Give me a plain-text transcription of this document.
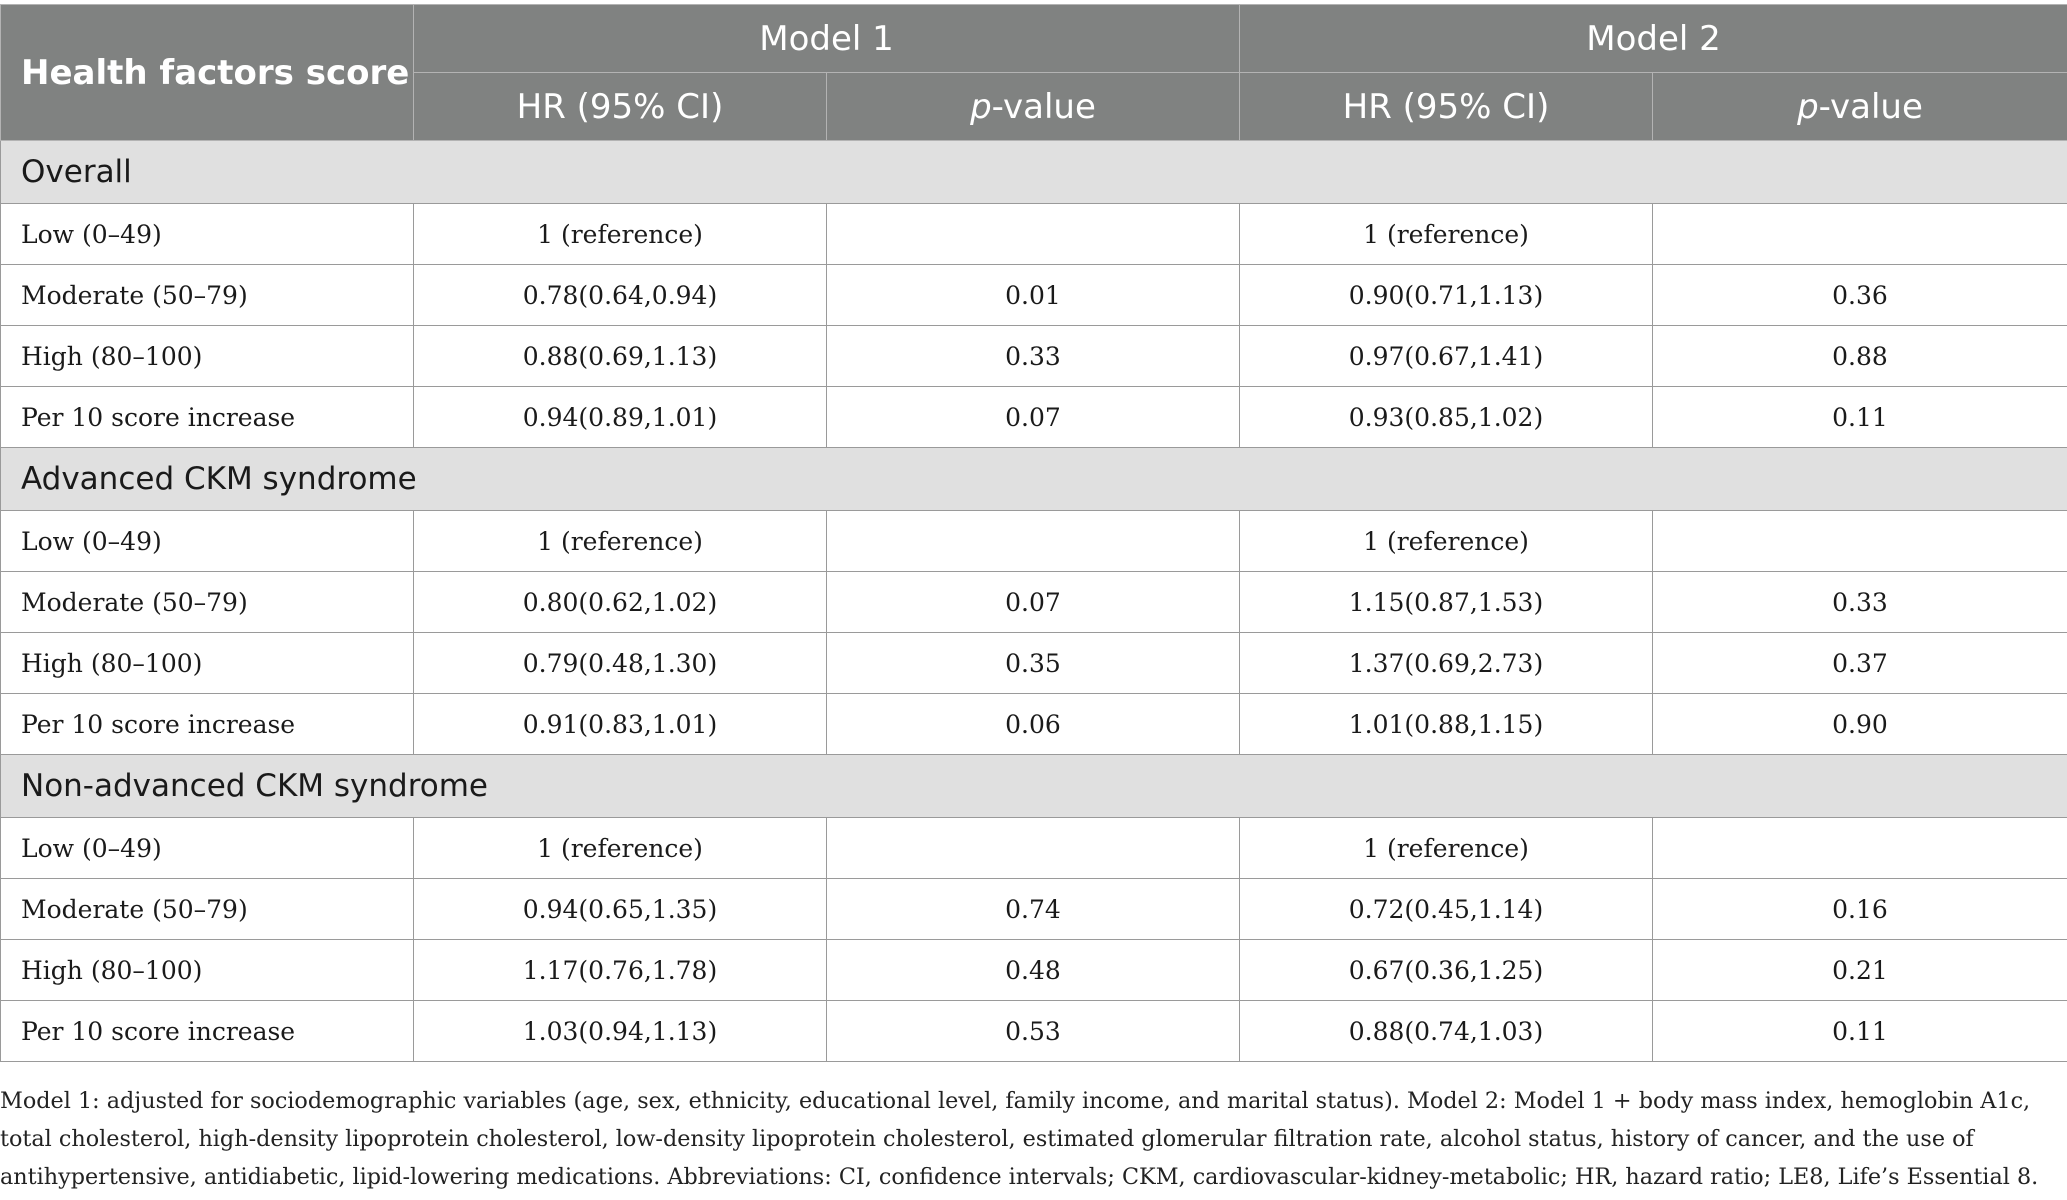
Health factors score	Model 1		Model 2	
	HR (95% CI)	p-value	HR (95% CI)	p-value
Overall				
Low (0–49)	1 (reference)		1 (reference)	
Moderate (50–79)	0.78(0.64,0.94)	0.01	0.90(0.71,1.13)	0.36
High (80–100)	0.88(0.69,1.13)	0.33	0.97(0.67,1.41)	0.88
Per 10 score increase	0.94(0.89,1.01)	0.07	0.93(0.85,1.02)	0.11
Advanced CKM syndrome				
Low (0–49)	1 (reference)		1 (reference)	
Moderate (50–79)	0.80(0.62,1.02)	0.07	1.15(0.87,1.53)	0.33
High (80–100)	0.79(0.48,1.30)	0.35	1.37(0.69,2.73)	0.37
Per 10 score increase	0.91(0.83,1.01)	0.06	1.01(0.88,1.15)	0.90
Non-advanced CKM syndrome				
Low (0–49)	1 (reference)		1 (reference)	
Moderate (50–79)	0.94(0.65,1.35)	0.74	0.72(0.45,1.14)	0.16
High (80–100)	1.17(0.76,1.78)	0.48	0.67(0.36,1.25)	0.21
Per 10 score increase	1.03(0.94,1.13)	0.53	0.88(0.74,1.03)	0.11

Model 1: adjusted for sociodemographic variables (age, sex, ethnicity, educational level, family income, and marital status). Model 2: Model 1 + body mass index, hemoglobin A1c, total cholesterol, high-density lipoprotein cholesterol, low-density lipoprotein cholesterol, estimated glomerular filtration rate, alcohol status, history of cancer, and the use of antihypertensive, antidiabetic, lipid-lowering medications. Abbreviations: CI, confidence intervals; CKM, cardiovascular-kidney-metabolic; HR, hazard ratio; LE8, Life’s Essential 8.
